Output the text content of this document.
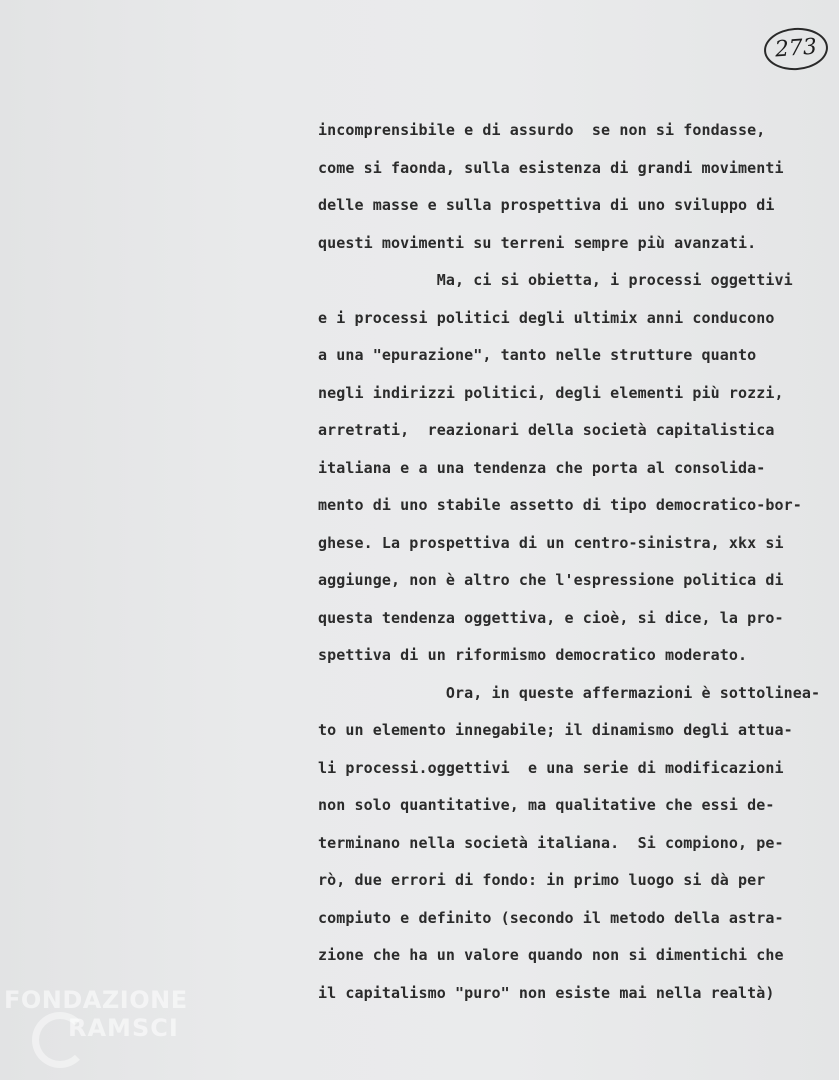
273
incomprensibile e di assurdo  se non si fondasse,
come si faonda, sulla esistenza di grandi movimenti
delle masse e sulla prospettiva di uno sviluppo di
questi movimenti su terreni sempre più avanzati.
Ma, ci si obietta, i processi oggettivi
e i processi politici degli ultimix anni conducono
a una "epurazione", tanto nelle strutture quanto
negli indirizzi politici, degli elementi più rozzi,
arretrati,  reazionari della società capitalistica
italiana e a una tendenza che porta al consolida-
mento di uno stabile assetto di tipo democratico-bor-
ghese. La prospettiva di un centro-sinistra, xkx si
aggiunge, non è altro che l'espressione politica di
questa tendenza oggettiva, e cioè, si dice, la pro-
spettiva di un riformismo democratico moderato.
Ora, in queste affermazioni è sottolinea-
to un elemento innegabile; il dinamismo degli attua-
li processi.oggettivi  e una serie di modificazioni
non solo quantitative, ma qualitative che essi de-
terminano nella società italiana.  Si compiono, pe-
rò, due errori di fondo: in primo luogo si dà per
compiuto e definito (secondo il metodo della astra-
zione che ha un valore quando non si dimentichi che
il capitalismo "puro" non esiste mai nella realtà)
FONDAZIONE
RAMSCI
